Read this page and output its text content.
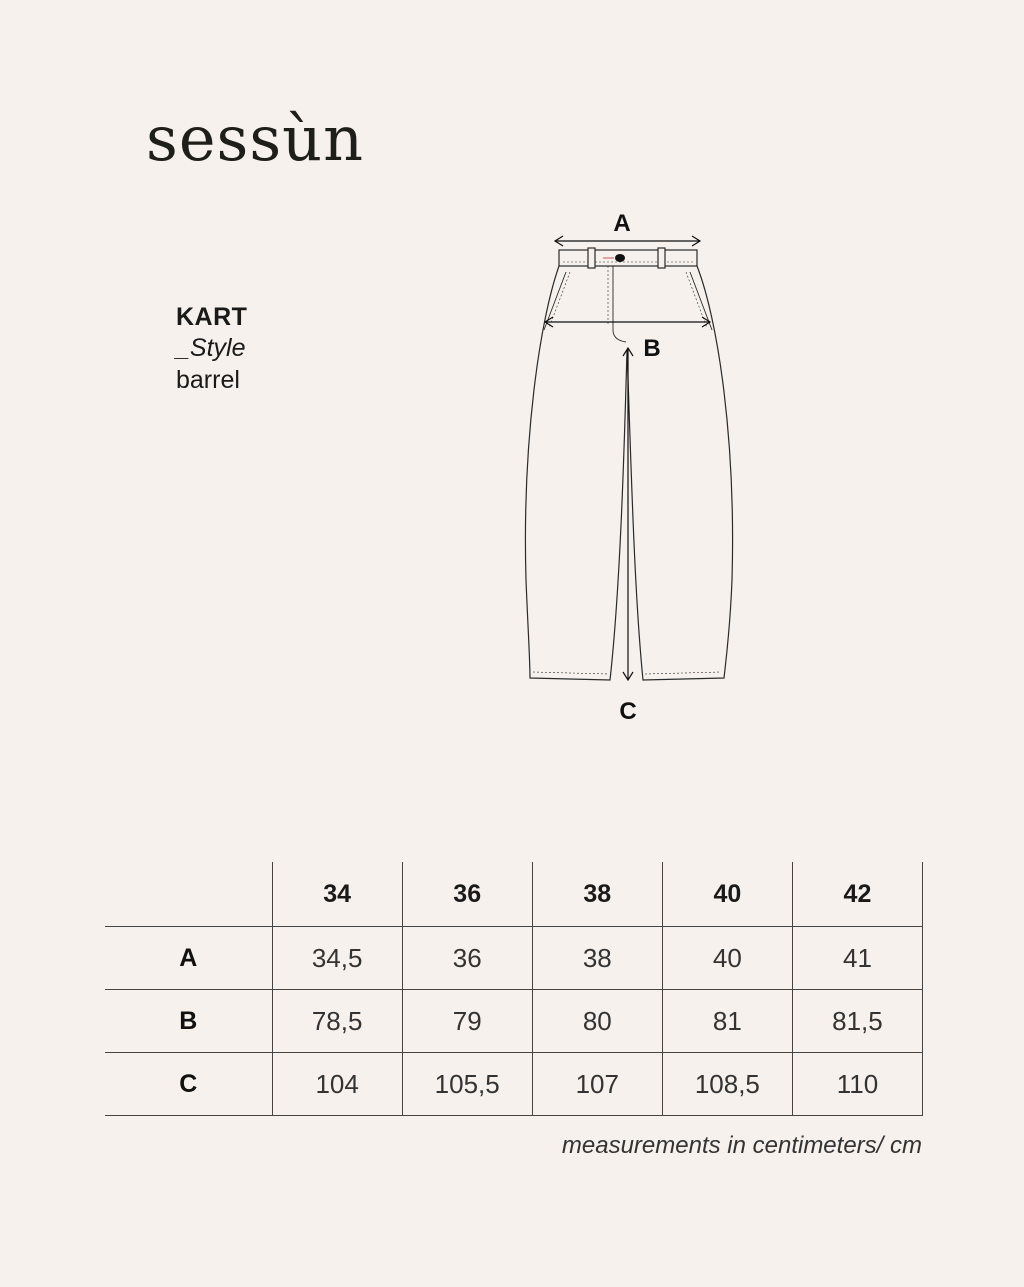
sessùn
KART
_Style
barrel
A
B
C
	34	36	38	40	42
A	34,5	36	38	40	41
B	78,5	79	80	81	81,5
C	104	105,5	107	108,5	110
measurements in centimeters/ cm
